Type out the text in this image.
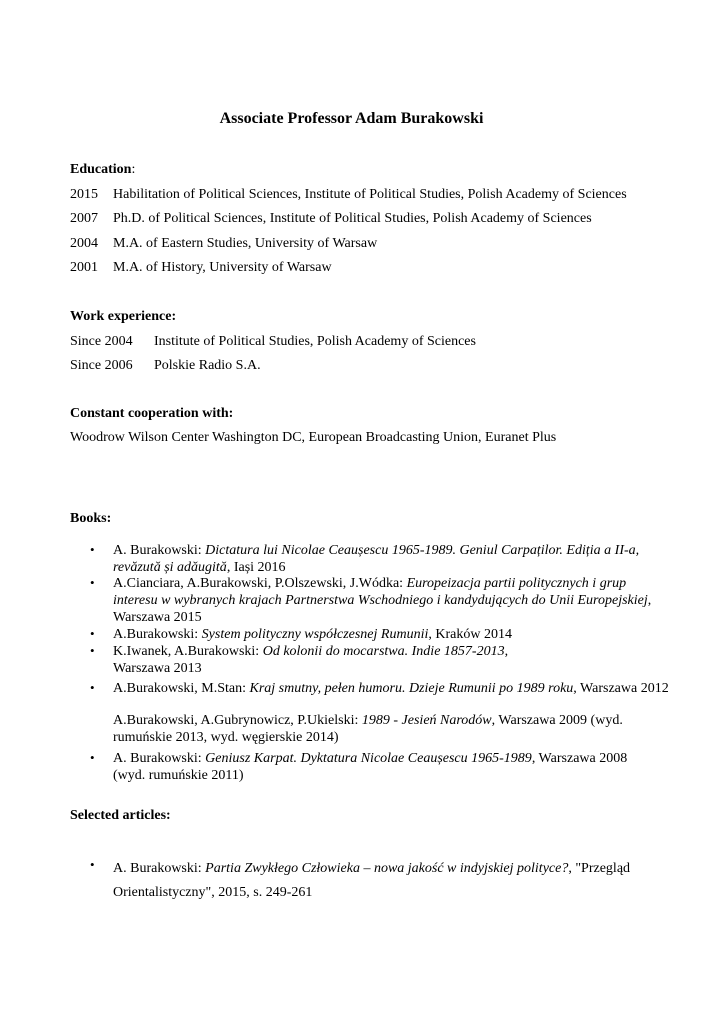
Associate Professor Adam Burakowski
Education:
2015 Habilitation of Political Sciences, Institute of Political Studies, Polish Academy of Sciences
2007 Ph.D. of Political Sciences, Institute of Political Studies, Polish Academy of Sciences
2004 M.A. of Eastern Studies, University of Warsaw
2001 M.A. of History, University of Warsaw
Work experience:
Since 2004 Institute of Political Studies, Polish Academy of Sciences
Since 2006 Polskie Radio S.A.
Constant cooperation with:
Woodrow Wilson Center Washington DC, European Broadcasting Union, Euranet Plus
Books:
• A. Burakowski: Dictatura lui Nicolae Ceaușescu 1965-1989. Geniul Carpaților. Ediția a II-a, revăzută și adăugită, Iași 2016
• A.Cianciara, A.Burakowski, P.Olszewski, J.Wódka: Europeizacja partii politycznych i grup interesu w wybranych krajach Partnerstwa Wschodniego i kandydujących do Unii Europejskiej, Warszawa 2015
• A.Burakowski: System polityczny współczesnej Rumunii, Kraków 2014
• K.Iwanek, A.Burakowski: Od kolonii do mocarstwa. Indie 1857-2013,
Warszawa 2013
• A.Burakowski, M.Stan: Kraj smutny, pełen humoru. Dzieje Rumunii po 1989 roku, Warszawa 2012
A.Burakowski, A.Gubrynowicz, P.Ukielski: 1989 - Jesień Narodów, Warszawa 2009 (wyd. rumuńskie 2013, wyd. węgierskie 2014)
• A. Burakowski: Geniusz Karpat. Dyktatura Nicolae Ceaușescu 1965-1989, Warszawa 2008 (wyd. rumuńskie 2011)
Selected articles:
• A. Burakowski: Partia Zwykłego Człowieka – nowa jakość w indyjskiej polityce?, "Przegląd Orientalistyczny", 2015, s. 249-261
